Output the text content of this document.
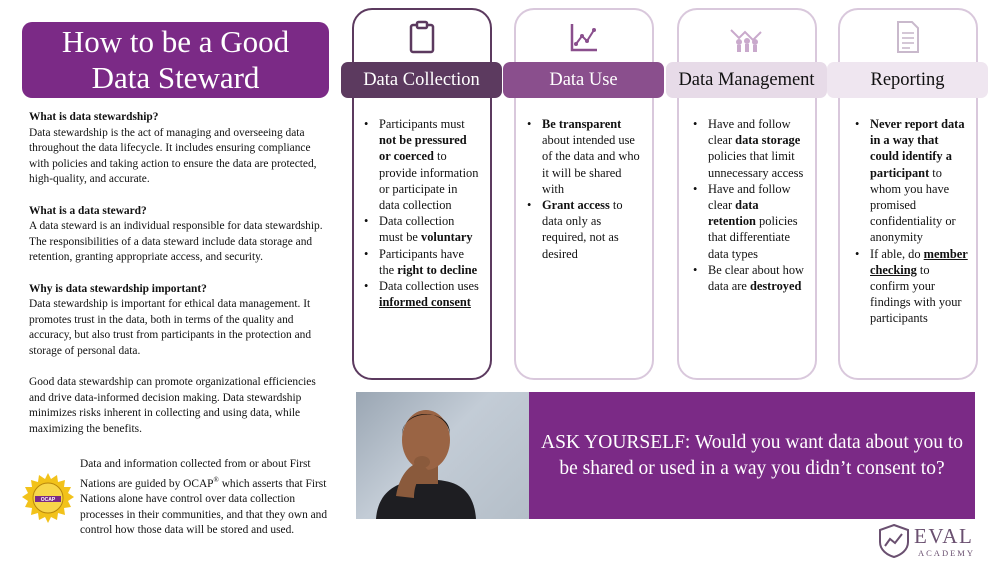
How to be a Good
Data Steward
What is data stewardship?
Data stewardship is the act of managing and overseeing data throughout the data lifecycle. It includes ensuring compliance with policies and taking action to ensure the data are protected, high-quality, and accurate.
What is a data steward?
A data steward is an individual responsible for data stewardship. The responsibilities of a data steward include data storage and retention, granting appropriate access, and security.
Why is data stewardship important?
Data stewardship is important for ethical data management. It promotes trust in the data, both in terms of the quality and accuracy, but also trust from participants in the protection and storage of personal data.
Good data stewardship can promote organizational efficiencies and drive data-informed decision making. Data stewardship minimizes risks inherent in collecting and using data, while maximizing the benefits.
OCAP
Data and information collected from or about First Nations are guided by OCAP® which asserts that First Nations alone have control over data collection processes in their communities, and that they own and control how those data will be stored and used.
Data Collection
• Participants must not be pressured or coerced to provide information or participate in data collection
• Data collection must be voluntary
• Participants have the right to decline
• Data collection uses informed consent
Data Use
• Be transparent about intended use of the data and who it will be shared with
• Grant access to data only as required, not as desired
Data Management
• Have and follow clear data storage policies that limit unnecessary access
• Have and follow clear data retention policies that differentiate data types
• Be clear about how data are destroyed
Reporting
• Never report data in a way that could identify a participant to whom you have promised confidentiality or anonymity
• If able, do member checking to confirm your findings with your participants
ASK YOURSELF: Would you want data about you to be shared or used in a way you didn’t consent to?
EVAL
ACADEMY
